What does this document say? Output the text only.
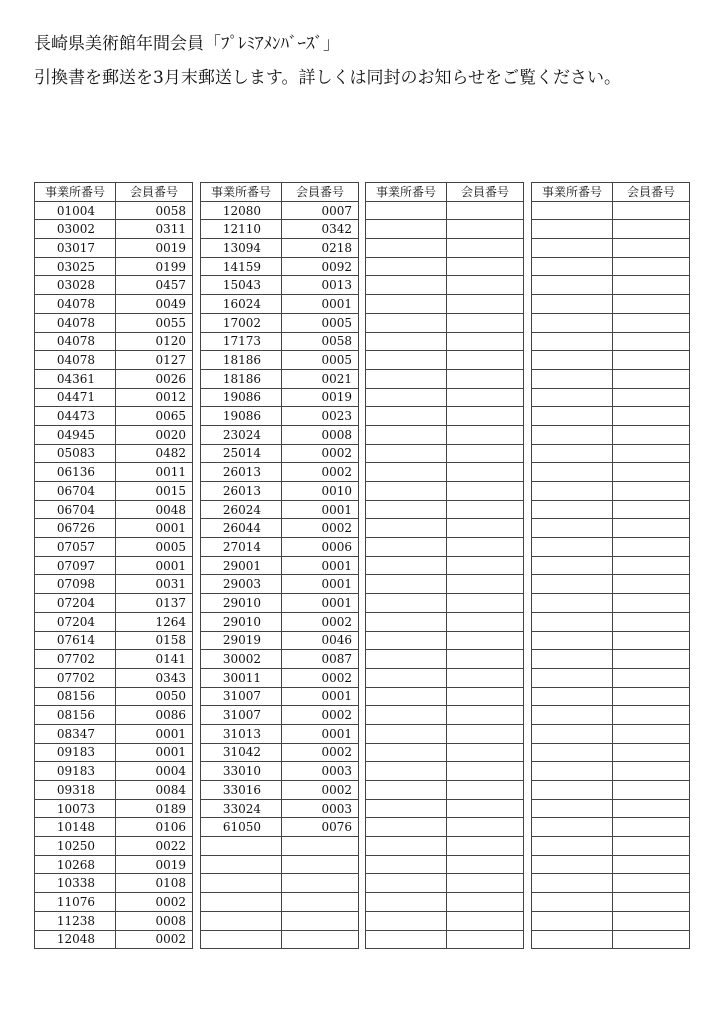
長崎県美術館年間会員「ﾌﾟﾚﾐｱﾒﾝﾊﾞｰｽﾞ」
引換書を郵送を3月末郵送します。詳しくは同封のお知らせをご覧ください。
事業所番号	会員番号
01004	0058
03002	0311
03017	0019
03025	0199
03028	0457
04078	0049
04078	0055
04078	0120
04078	0127
04361	0026
04471	0012
04473	0065
04945	0020
05083	0482
06136	0011
06704	0015
06704	0048
06726	0001
07057	0005
07097	0001
07098	0031
07204	0137
07204	1264
07614	0158
07702	0141
07702	0343
08156	0050
08156	0086
08347	0001
09183	0001
09183	0004
09318	0084
10073	0189
10148	0106
10250	0022
10268	0019
10338	0108
11076	0002
11238	0008
12048	0002
事業所番号	会員番号
12080	0007
12110	0342
13094	0218
14159	0092
15043	0013
16024	0001
17002	0005
17173	0058
18186	0005
18186	0021
19086	0019
19086	0023
23024	0008
25014	0002
26013	0002
26013	0010
26024	0001
26044	0002
27014	0006
29001	0001
29003	0001
29010	0001
29010	0002
29019	0046
30002	0087
30011	0002
31007	0001
31007	0002
31013	0001
31042	0002
33010	0003
33016	0002
33024	0003
61050	0076

事業所番号	会員番号

		事業所番号	会員番号
